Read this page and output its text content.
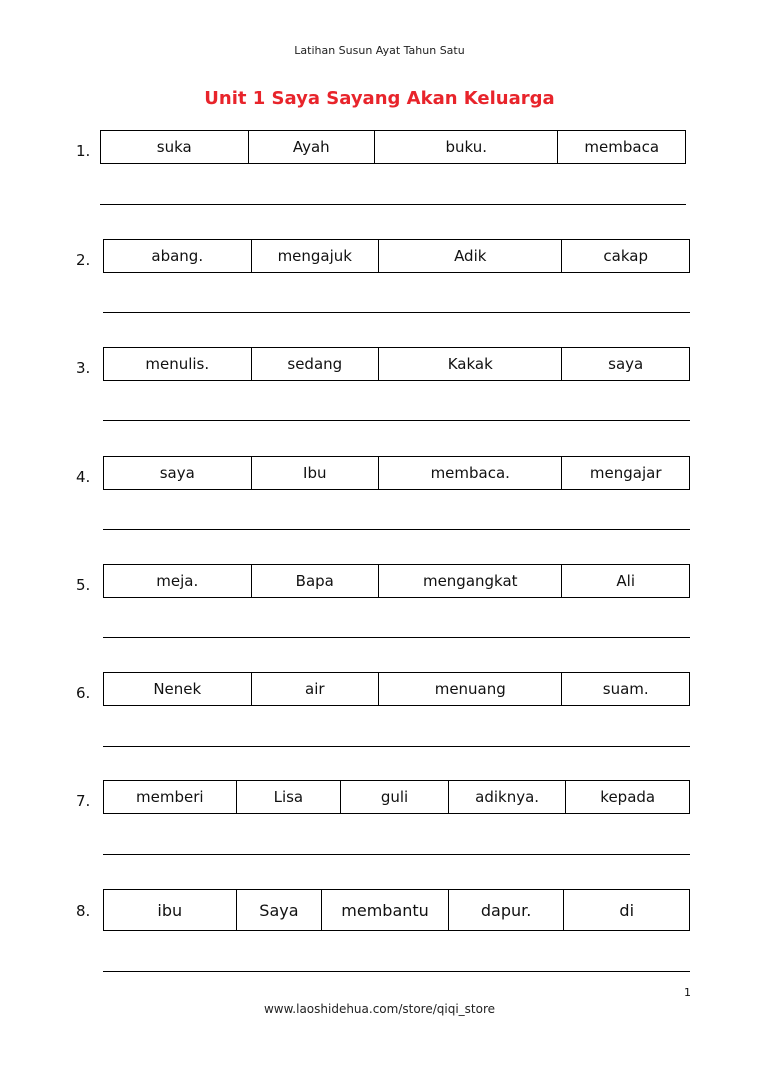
Latihan Susun Ayat Tahun Satu
Unit 1 Saya Sayang Akan Keluarga
1.	suka	Ayah	buku.	membaca
2.	abang.	mengajuk	Adik	cakap
3.	menulis.	sedang	Kakak	saya
4.	saya	Ibu	membaca.	mengajar
5.	meja.	Bapa	mengangkat	Ali
6.	Nenek	air	menuang	suam.
7.	memberi	Lisa	guli	adiknya.	kepada
8.	ibu	Saya	membantu	dapur.	di
1
www.laoshidehua.com/store/qiqi_store
